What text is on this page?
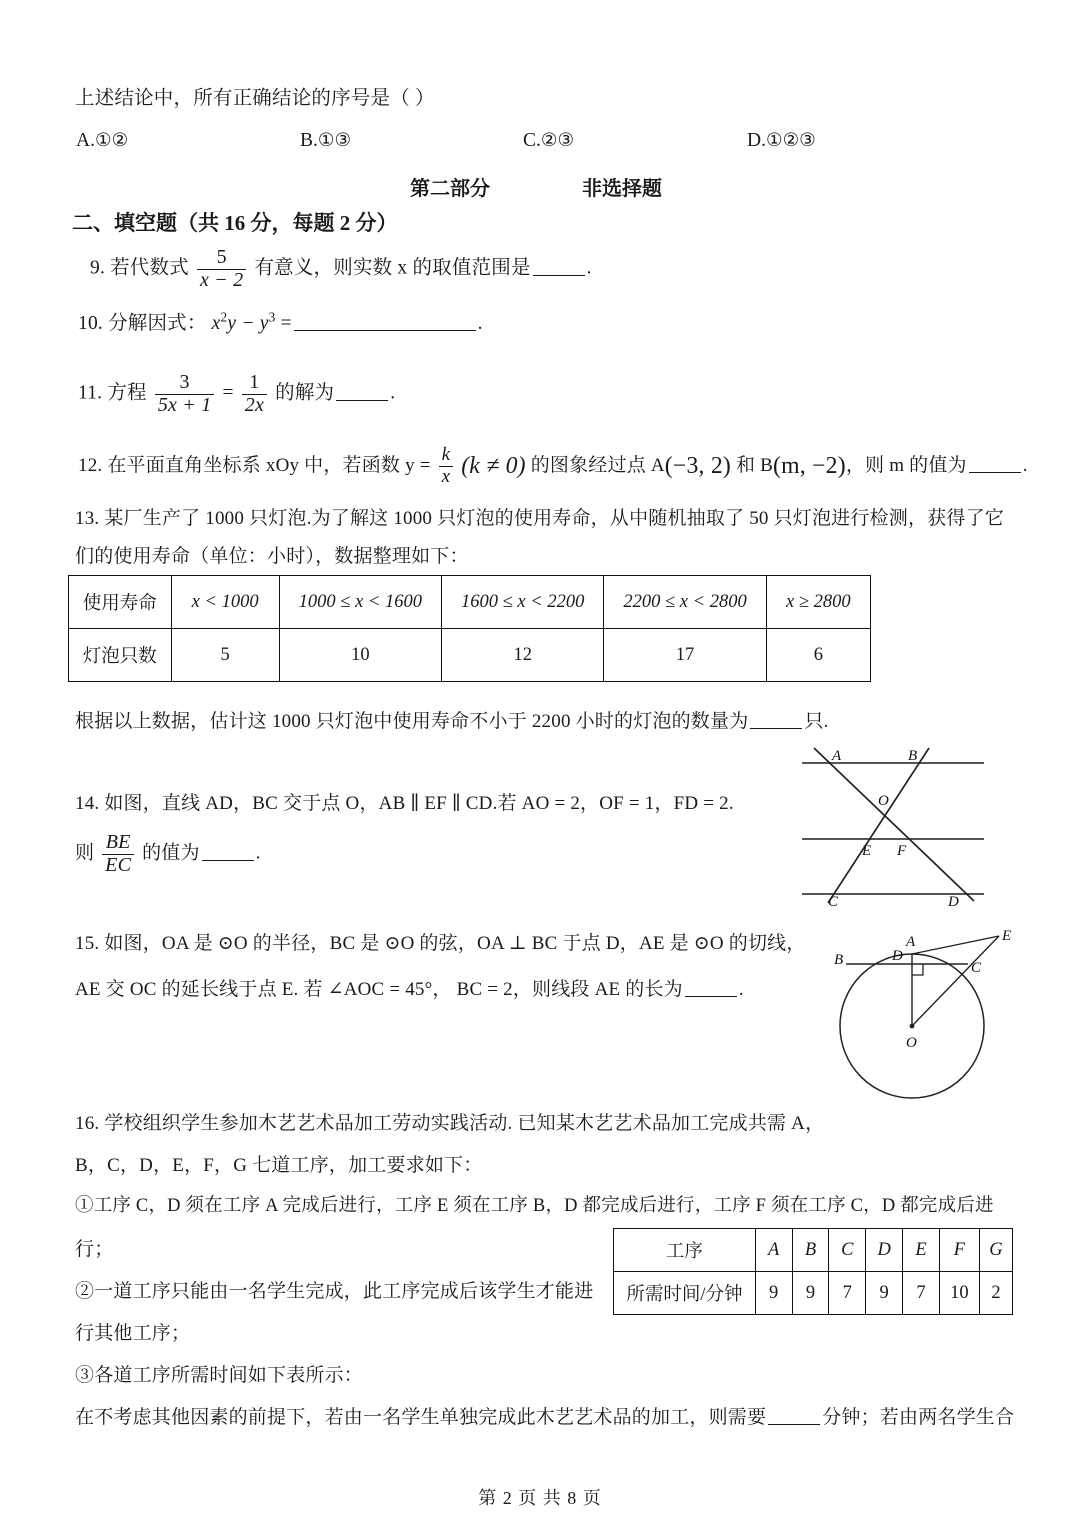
上述结论中，所有正确结论的序号是（ ）
A.①②	B.①③	C.②③	D.①②③
第二部分	非选择题
二、填空题（共 16 分，每题 2 分）
9. 若代数式 $\frac{5}{x - 2}$ 有意义，则实数 x 的取值范围是	.
10. 分解因式： $x^2y - y^3$ =	.
11. 方程 $\frac{3}{5x + 1} = \frac{1}{2x}$ 的解为	.
12. 在平面直角坐标系 xOy 中，若函数 $y = \frac{k}{x} (k \ne 0)$ 的图象经过点 A(−3, 2) 和 B(m, −2)，则 m 的值为	.
13. 某厂生产了 1000 只灯泡.为了解这 1000 只灯泡的使用寿命，从中随机抽取了 50 只灯泡进行检测，获得了它
们的使用寿命（单位：小时），数据整理如下：
使用寿命	x < 1000	1000 ≤ x < 1600	1600 ≤ x < 2200	2200 ≤ x < 2800	x ≥ 2800
灯泡只数	5	10	12	17	6
根据以上数据，估计这 1000 只灯泡中使用寿命不小于 2200 小时的灯泡的数量为	只.
A	B
O
E F
C	D
14. 如图，直线 AD，BC 交于点 O，AB ∥ EF ∥ CD.若 AO = 2，OF = 1，FD = 2.
则 $\frac{BE}{EC}$ 的值为	.
A
B	C
D
E
O
15. 如图，OA 是 ⊙O 的半径，BC 是 ⊙O 的弦，OA ⊥ BC 于点 D，AE 是 ⊙O 的切线，
AE 交 OC 的延长线于点 E. 若 ∠AOC = 45°， BC = 2，则线段 AE 的长为	.
16. 学校组织学生参加木艺艺术品加工劳动实践活动. 已知某木艺艺术品加工完成共需 A，
B，C，D，E，F，G 七道工序，加工要求如下：
①工序 C，D 须在工序 A 完成后进行，工序 E 须在工序 B，D 都完成后进行，工序 F 须在工序 C，D 都完成后进
行；
②一道工序只能由一名学生完成，此工序完成后该学生才能进
行其他工序；
③各道工序所需时间如下表所示：
工序	A	B	C	D	E	F	G
所需时间/分钟	9	9	7	9	7	10	2
在不考虑其他因素的前提下，若由一名学生单独完成此木艺艺术品的加工，则需要	分钟；若由两名学生合
第 2 页 共 8 页
